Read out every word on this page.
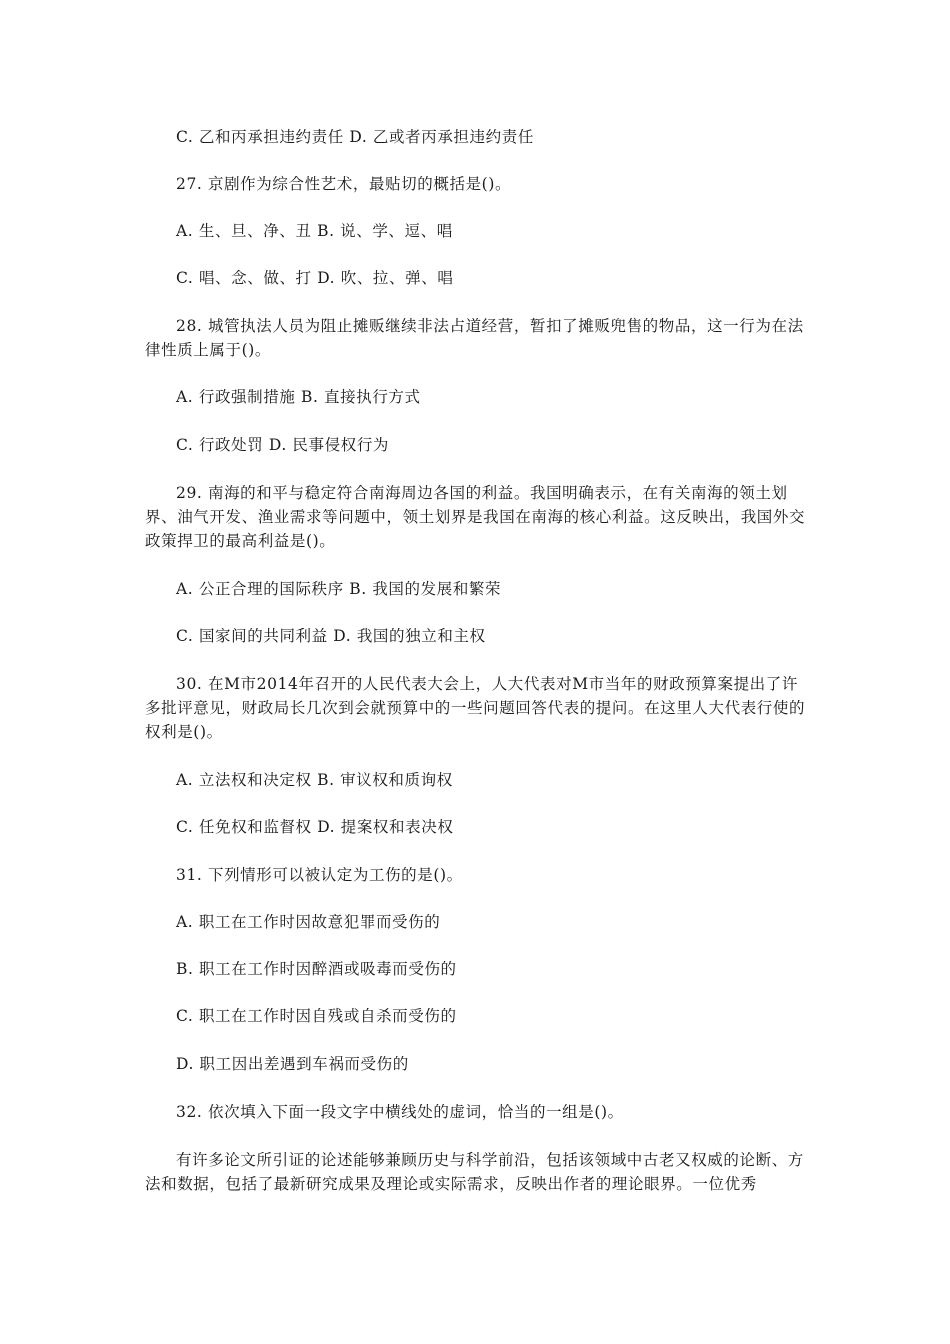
C. 乙和丙承担违约责任 D. 乙或者丙承担违约责任

27. 京剧作为综合性艺术，最贴切的概括是()。

A. 生、旦、净、丑 B. 说、学、逗、唱

C. 唱、念、做、打 D. 吹、拉、弹、唱

28. 城管执法人员为阻止摊贩继续非法占道经营，暂扣了摊贩兜售的物品，这一行为在法律性质上属于()。

A. 行政强制措施 B. 直接执行方式

C. 行政处罚 D. 民事侵权行为

29. 南海的和平与稳定符合南海周边各国的利益。我国明确表示，在有关南海的领土划界、油气开发、渔业需求等问题中，领土划界是我国在南海的核心利益。这反映出，我国外交政策捍卫的最高利益是()。

A. 公正合理的国际秩序 B. 我国的发展和繁荣

C. 国家间的共同利益 D. 我国的独立和主权

30. 在M市2014年召开的人民代表大会上，人大代表对M市当年的财政预算案提出了许多批评意见，财政局长几次到会就预算中的一些问题回答代表的提问。在这里人大代表行使的权利是()。

A. 立法权和决定权 B. 审议权和质询权

C. 任免权和监督权 D. 提案权和表决权

31. 下列情形可以被认定为工伤的是()。

A. 职工在工作时因故意犯罪而受伤的

B. 职工在工作时因醉酒或吸毒而受伤的

C. 职工在工作时因自残或自杀而受伤的

D. 职工因出差遇到车祸而受伤的

32. 依次填入下面一段文字中横线处的虚词，恰当的一组是()。

有许多论文所引证的论述能够兼顾历史与科学前沿，包括该领域中古老又权威的论断、方法和数据，包括了最新研究成果及理论或实际需求，反映出作者的理论眼界。一位优秀
